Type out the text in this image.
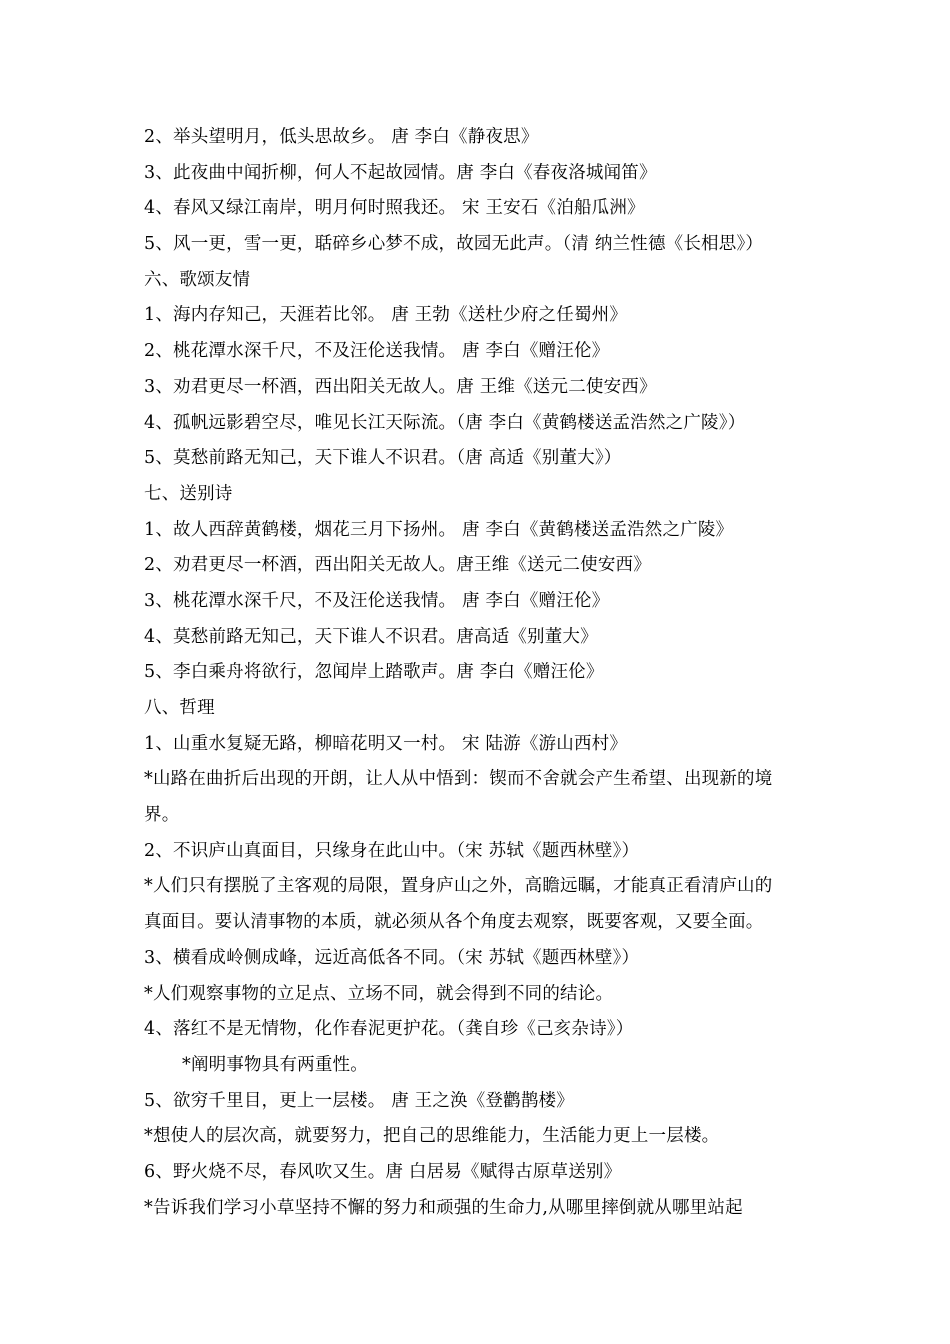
2、举头望明月，低头思故乡。 唐 李白《静夜思》
3、此夜曲中闻折柳，何人不起故园情。唐 李白《春夜洛城闻笛》
4、春风又绿江南岸，明月何时照我还。 宋 王安石《泊船瓜洲》
5、风一更，雪一更，聒碎乡心梦不成，故园无此声。（清 纳兰性德《长相思》）
六、歌颂友情
1、海内存知己，天涯若比邻。 唐 王勃《送杜少府之任蜀州》
2、桃花潭水深千尺，不及汪伦送我情。 唐 李白《赠汪伦》
3、劝君更尽一杯酒，西出阳关无故人。唐 王维《送元二使安西》
4、孤帆远影碧空尽，唯见长江天际流。（唐 李白《黄鹤楼送孟浩然之广陵》）
5、莫愁前路无知己，天下谁人不识君。（唐 高适《别董大》）
七、送别诗
1、故人西辞黄鹤楼，烟花三月下扬州。 唐 李白《黄鹤楼送孟浩然之广陵》
2、劝君更尽一杯酒，西出阳关无故人。唐王维《送元二使安西》
3、桃花潭水深千尺，不及汪伦送我情。 唐 李白《赠汪伦》
4、莫愁前路无知己，天下谁人不识君。唐高适《别董大》
5、李白乘舟将欲行，忽闻岸上踏歌声。唐 李白《赠汪伦》
八、哲理
1、山重水复疑无路，柳暗花明又一村。 宋 陆游《游山西村》
*山路在曲折后出现的开朗，让人从中悟到：锲而不舍就会产生希望、出现新的境
界。
2、不识庐山真面目，只缘身在此山中。（宋 苏轼《题西林壁》）
*人们只有摆脱了主客观的局限，置身庐山之外，高瞻远瞩，才能真正看清庐山的
真面目。要认清事物的本质，就必须从各个角度去观察，既要客观，又要全面。
3、横看成岭侧成峰，远近高低各不同。（宋 苏轼《题西林壁》）
*人们观察事物的立足点、立场不同，就会得到不同的结论。
4、落红不是无情物，化作春泥更护花。（龚自珍《己亥杂诗》）
*阐明事物具有两重性。
5、欲穷千里目，更上一层楼。 唐 王之涣《登鹳鹊楼》
*想使人的层次高，就要努力，把自己的思维能力，生活能力更上一层楼。
6、野火烧不尽，春风吹又生。唐 白居易《赋得古原草送别》
*告诉我们学习小草坚持不懈的努力和顽强的生命力,从哪里摔倒就从哪里站起
